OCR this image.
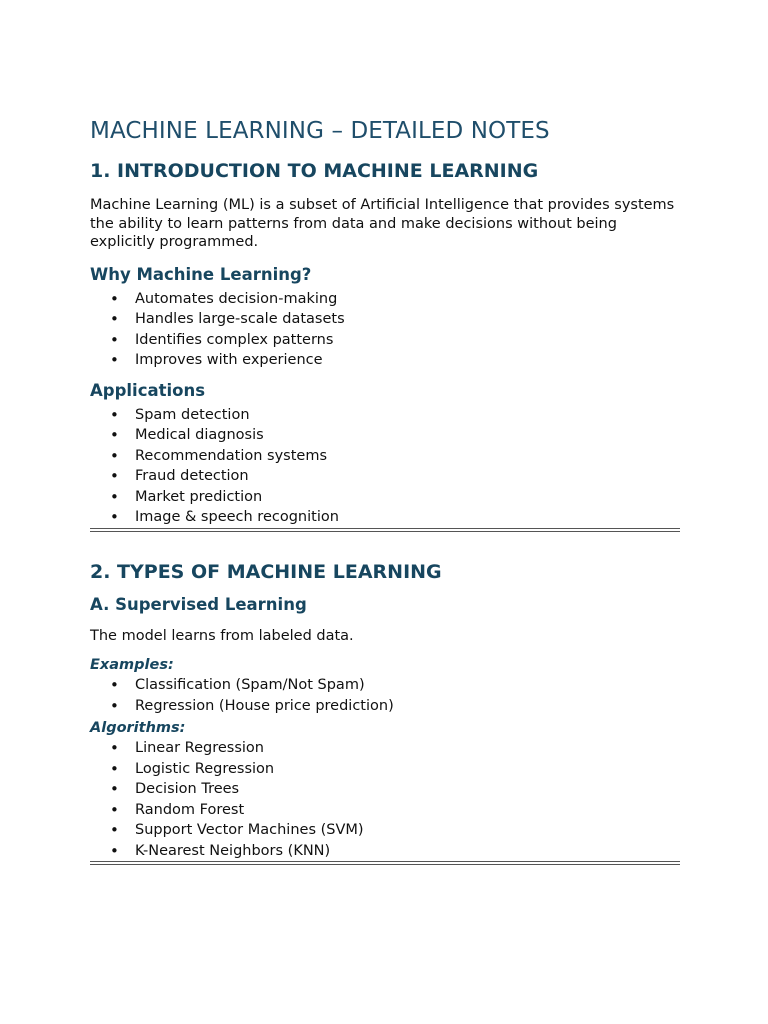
MACHINE LEARNING – DETAILED NOTES
1. INTRODUCTION TO MACHINE LEARNING

Machine Learning (ML) is a subset of Artificial Intelligence that provides systems the ability to learn patterns from data and make decisions without being explicitly programmed.

Why Machine Learning?
• Automates decision-making
• Handles large-scale datasets
• Identifies complex patterns
• Improves with experience
Applications
• Spam detection
• Medical diagnosis
• Recommendation systems
• Fraud detection
• Market prediction
• Image & speech recognition
2. TYPES OF MACHINE LEARNING
A. Supervised Learning

The model learns from labeled data.

Examples:
• Classification (Spam/Not Spam)
• Regression (House price prediction)
Algorithms:
• Linear Regression
• Logistic Regression
• Decision Trees
• Random Forest
• Support Vector Machines (SVM)
• K-Nearest Neighbors (KNN)
